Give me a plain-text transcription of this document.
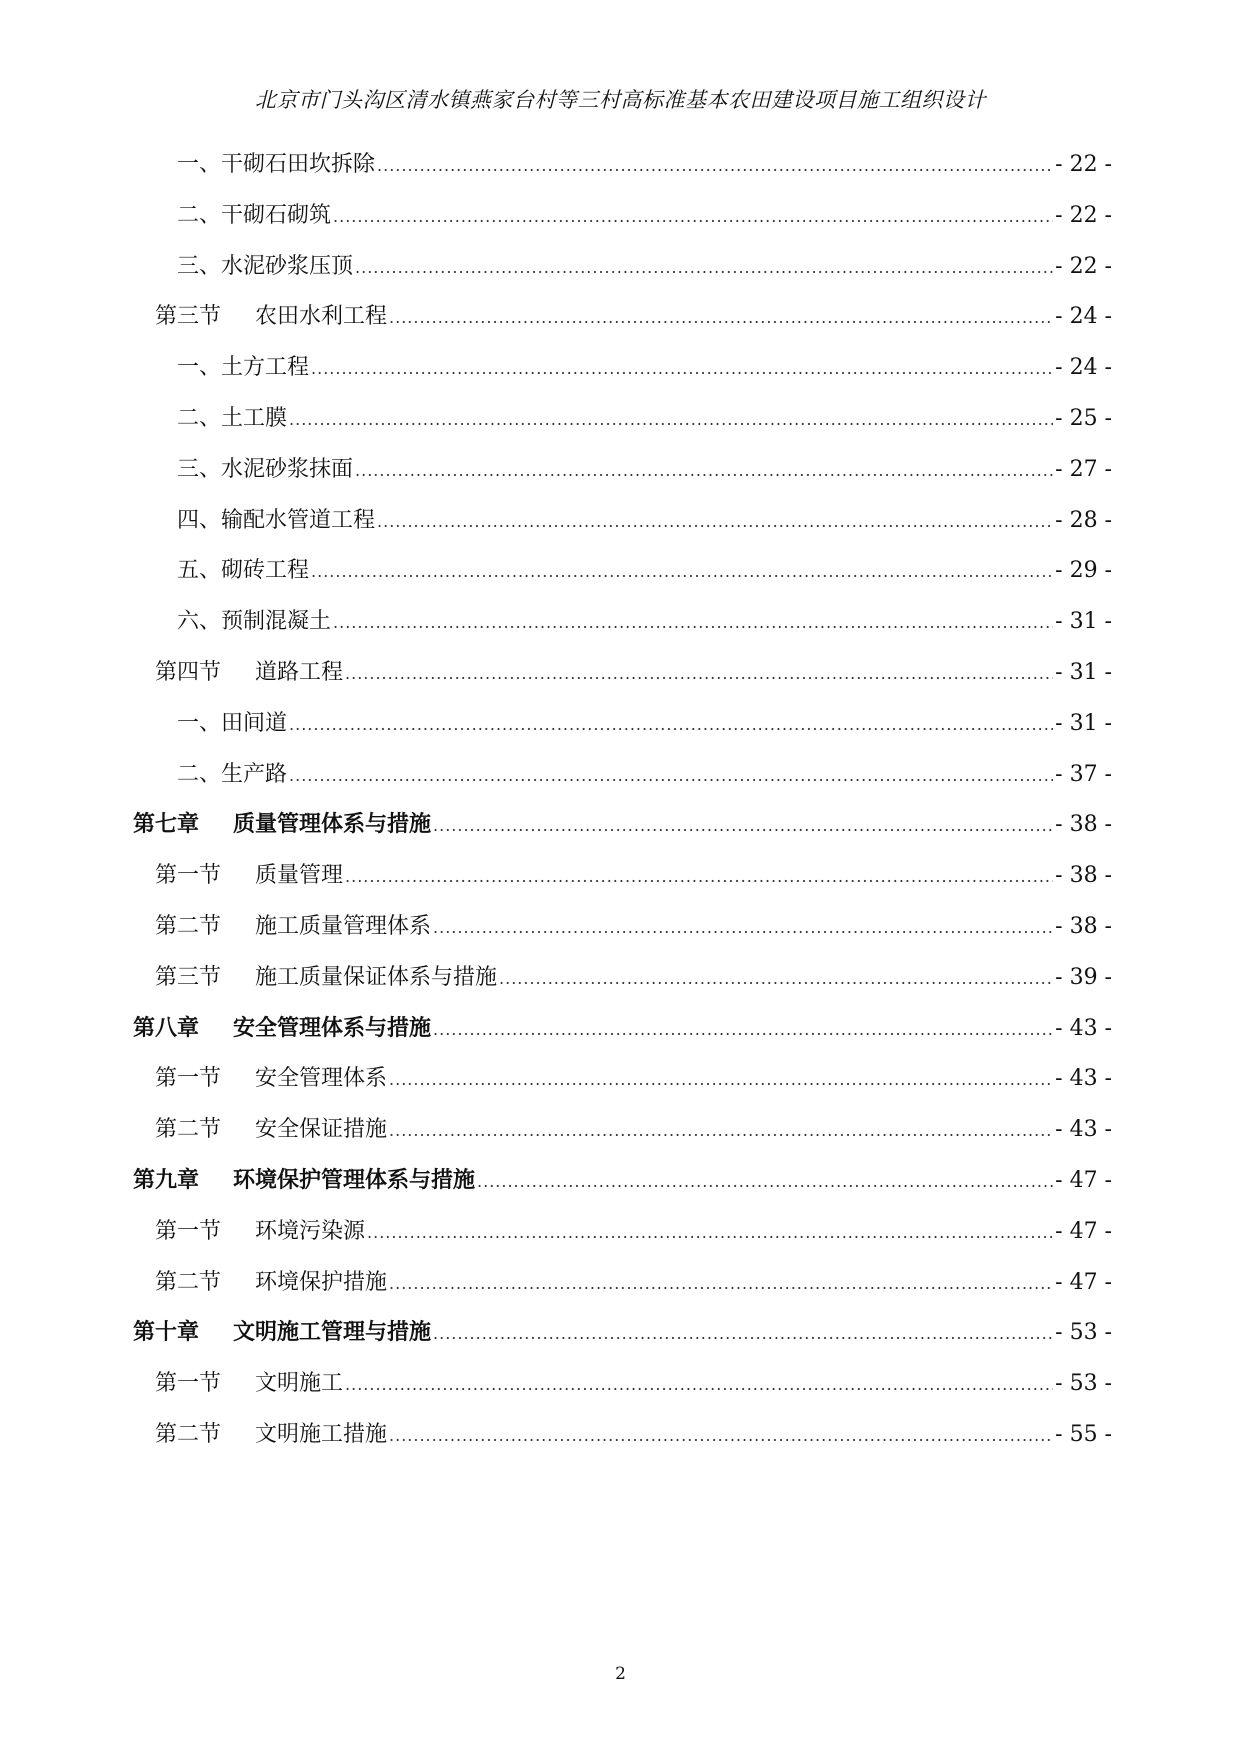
北京市门头沟区清水镇燕家台村等三村高标准基本农田建设项目施工组织设计
一、干砌石田坎拆除 .....	- 22 -
二、干砌石砌筑 .....	- 22 -
三、水泥砂浆压顶 .....	- 22 -
第三节 农田水利工程 .....	- 24 -
一、土方工程 .....	- 24 -
二、土工膜 .....	- 25 -
三、水泥砂浆抹面 .....	- 27 -
四、输配水管道工程 .....	- 28 -
五、砌砖工程 .....	- 29 -
六、预制混凝土 .....	- 31 -
第四节 道路工程 .....	- 31 -
一、田间道 .....	- 31 -
二、生产路 .....	- 37 -
第七章 质量管理体系与措施 .....	- 38 -
第一节 质量管理 .....	- 38 -
第二节 施工质量管理体系 .....	- 38 -
第三节 施工质量保证体系与措施 .....	- 39 -
第八章 安全管理体系与措施 .....	- 43 -
第一节 安全管理体系 .....	- 43 -
第二节 安全保证措施 .....	- 43 -
第九章 环境保护管理体系与措施 .....	- 47 -
第一节 环境污染源 .....	- 47 -
第二节 环境保护措施 .....	- 47 -
第十章 文明施工管理与措施 .....	- 53 -
第一节 文明施工 .....	- 53 -
第二节 文明施工措施 .....	- 55 -
2
